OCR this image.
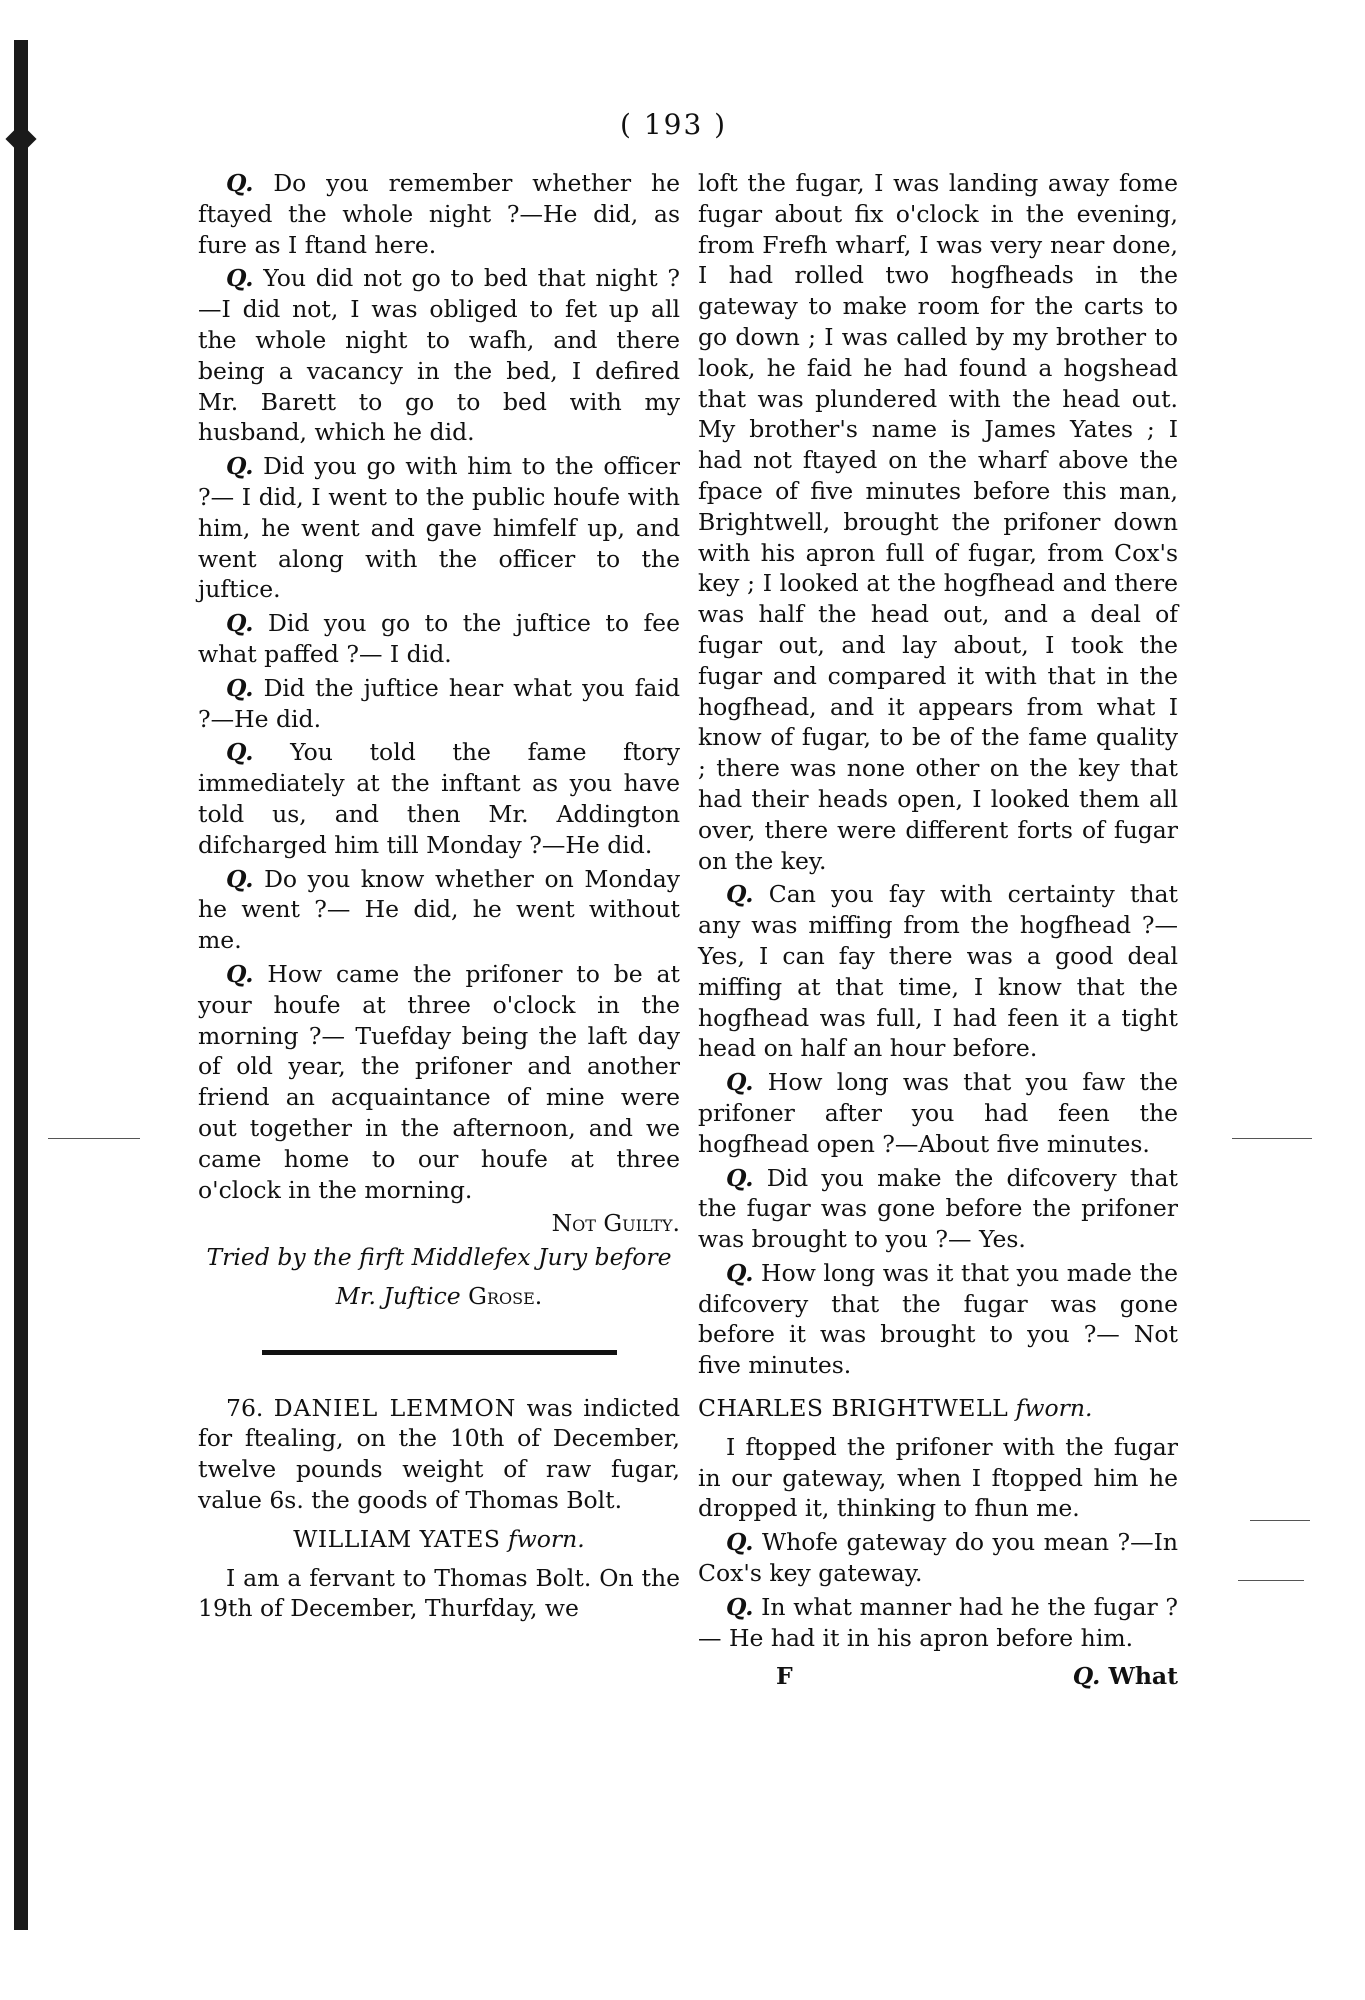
( 193 )

Q. Do you remember whether he ftayed the whole night ?—He did, as fure as I ftand here.

Q. You did not go to bed that night ? —I did not, I was obliged to fet up all the whole night to wafh, and there being a vacancy in the bed, I defired Mr. Barett to go to bed with my husband, which he did.

Q. Did you go with him to the officer ?— I did, I went to the public houfe with him, he went and gave himfelf up, and went along with the officer to the juftice.

Q. Did you go to the juftice to fee what paffed ?— I did.

Q. Did the juftice hear what you faid ?—He did.

Q. You told the fame ftory immediately at the inftant as you have told us, and then Mr. Addington difcharged him till Monday ?—He did.

Q. Do you know whether on Monday he went ?— He did, he went without me.

Q. How came the prifoner to be at your houfe at three o'clock in the morning ?— Tuefday being the laft day of old year, the prifoner and another friend an acquaintance of mine were out together in the afternoon, and we came home to our houfe at three o'clock in the morning.

Not Guilty.

Tried by the firft Middlefex Jury before

Mr. Juftice Grose.

76. DANIEL LEMMON was indicted for ftealing, on the 10th of December, twelve pounds weight of raw fugar, value 6s. the goods of Thomas Bolt.

WILLIAM YATES fworn.

I am a fervant to Thomas Bolt. On the 19th of December, Thurfday, we

loft the fugar, I was landing away fome fugar about fix o'clock in the evening, from Frefh wharf, I was very near done, I had rolled two hogfheads in the gateway to make room for the carts to go down ; I was called by my brother to look, he faid he had found a hogshead that was plundered with the head out. My brother's name is James Yates ; I had not ftayed on the wharf above the fpace of five minutes before this man, Brightwell, brought the prifoner down with his apron full of fugar, from Cox's key ; I looked at the hogfhead and there was half the head out, and a deal of fugar out, and lay about, I took the fugar and compared it with that in the hogfhead, and it appears from what I know of fugar, to be of the fame quality ; there was none other on the key that had their heads open, I looked them all over, there were different forts of fugar on the key.

Q. Can you fay with certainty that any was miffing from the hogfhead ?— Yes, I can fay there was a good deal miffing at that time, I know that the hogfhead was full, I had feen it a tight head on half an hour before.

Q. How long was that you faw the prifoner after you had feen the hogfhead open ?—About five minutes.

Q. Did you make the difcovery that the fugar was gone before the prifoner was brought to you ?— Yes.

Q. How long was it that you made the difcovery that the fugar was gone before it was brought to you ?— Not five minutes.

CHARLES BRIGHTWELL fworn.

I ftopped the prifoner with the fugar in our gateway, when I ftopped him he dropped it, thinking to fhun me.

Q. Whofe gateway do you mean ?—In Cox's key gateway.

Q. In what manner had he the fugar ? — He had it in his apron before him.

F	Q. What
